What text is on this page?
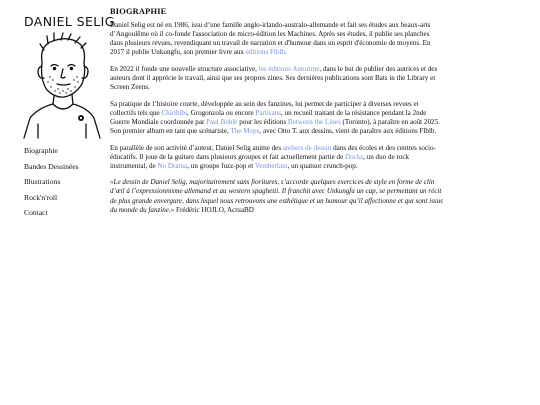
DANIEL SELIG
Biographie
Bandes Dessinées
Illustrations
Rock'n'roll
Contact
BIOGRAPHIE

Daniel Selig est né en 1986, issu d’une famille anglo-irlando-australo-allemande et fait ses études aux beaux-arts d’Angoulême où il co-fonde l'association de micro-édition les Machines. Après ses études, il publie ses planches dans plusieurs revues, revendiquant un travail de narration et d'humour dans un esprit d'économie de moyens. En 2017 il publie Unkungfu, son premier livre aux éditions Flblb.

En 2022 il fonde une nouvelle structure associative, les éditions Autorime, dans le but de publier des autrices et des auteurs dont il apprécie le travail, ainsi que ses propres zines. Ses dernières publications sont Bats in the Library et Screen Zeens.

Sa pratique de l’histoire courte, développée au sein des fanzines, lui permet de participer à diverses revues et collectifs tels que Chiribibi, Grogonzola ou encore Partisans, un recueil traitant de la résistance pendant la 2nde Guerre Mondiale coordonnée par Paul Bohle pour les éditions Between the Lines (Toronto), à paraître en août 2025. Son premier album en tant que scénariste, The Mops, avec Otto T. aux dessins, vient de paraître aux éditions Flblb.

En parallèle de son activité d’auteur, Daniel Selig anime des ateliers de dessin dans des écoles et des centres socio-éducatifs. Il joue de la guitare dans plusieurs groupes et fait actuellement partie de Docks, un duo de rock instrumental, de No Drama, un groupe fuzz-pop et Vemberlain, un quatuor crunch-pop.

«Le dessin de Daniel Selig, majoritairement sans fioritures, s’accorde quelques exercices de style en forme de clin d’œil à l’expressionnisme allemand et au western spaghetti. Il franchit avec Unkungfu un cap, se permettant un récit de plus grande envergure, dans lequel nous retrouvons une esthétique et un humour qu’il affectionne et qui sont issus du monde du fanzine.» Frédéric HOJLO, ActuaBD
